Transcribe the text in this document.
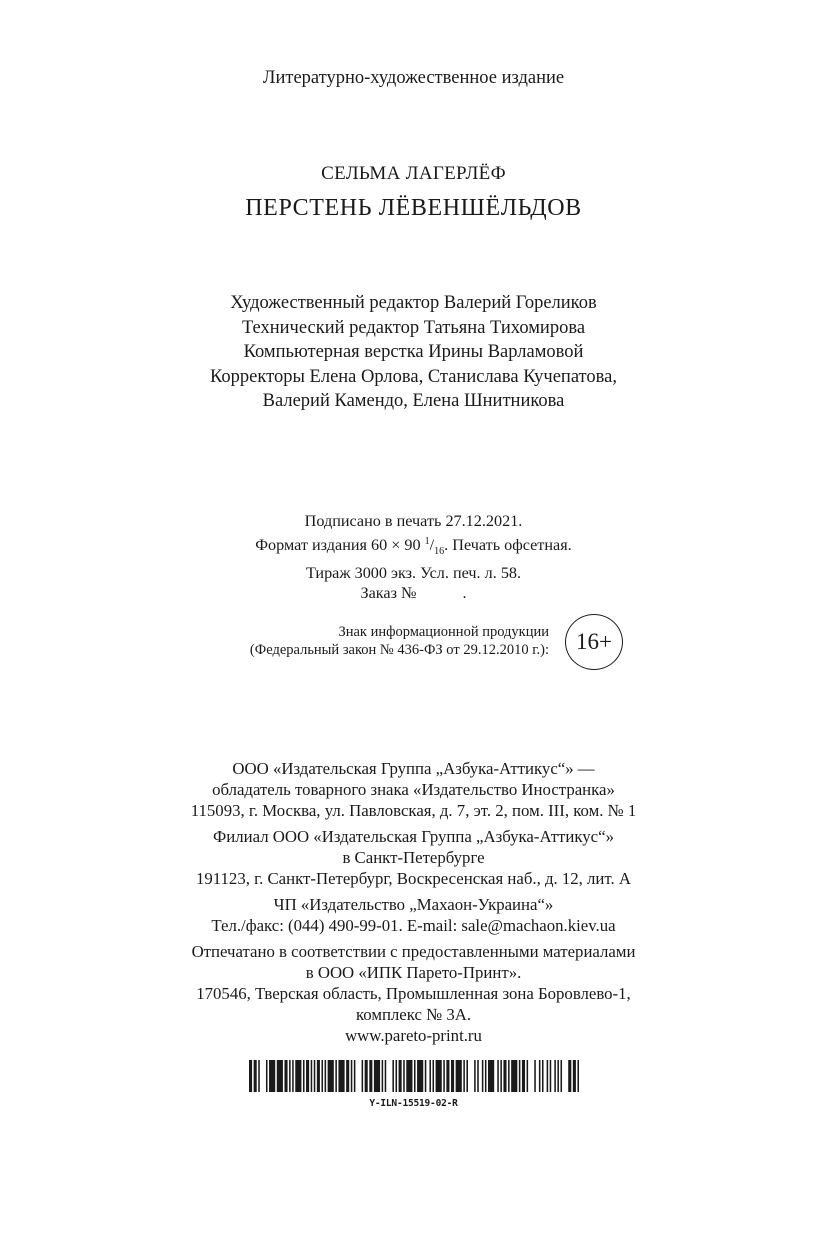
Литературно-художественное издание
СЕЛЬМА ЛАГЕРЛЁФ
ПЕРСТЕНЬ ЛЁВЕНШЁЛЬДОВ
Художественный редактор Валерий Гореликов
Технический редактор Татьяна Тихомирова
Компьютерная верстка Ирины Варламовой
Корректоры Елена Орлова, Станислава Кучепатова,
Валерий Камендо, Елена Шнитникова
Подписано в печать 27.12.2021.
Формат издания 60 × 90 $^1/_{16}$. Печать офсетная.
Тираж 3000 экз. Усл. печ. л. 58.
Заказ №	.
Знак информационной продукции
(Федеральный закон № 436-ФЗ от 29.12.2010 г.):	16+
ООО «Издательская Группа „Азбука-Аттикус“» —
обладатель товарного знака «Издательство Иностранка»
115093, г. Москва, ул. Павловская, д. 7, эт. 2, пом. III, ком. № 1
Филиал ООО «Издательская Группа „Азбука-Аттикус“»
в Санкт-Петербурге
191123, г. Санкт-Петербург, Воскресенская наб., д. 12, лит. А
ЧП «Издательство „Махаон-Украина“»
Тел./факс: (044) 490-99-01. E-mail: sale@machaon.kiev.ua
Отпечатано в соответствии с предоставленными материалами
в ООО «ИПК Парето-Принт».
170546, Тверская область, Промышленная зона Боровлево-1,
комплекс № 3А.
www.pareto-print.ru
Y-ILN-15519-02-R
